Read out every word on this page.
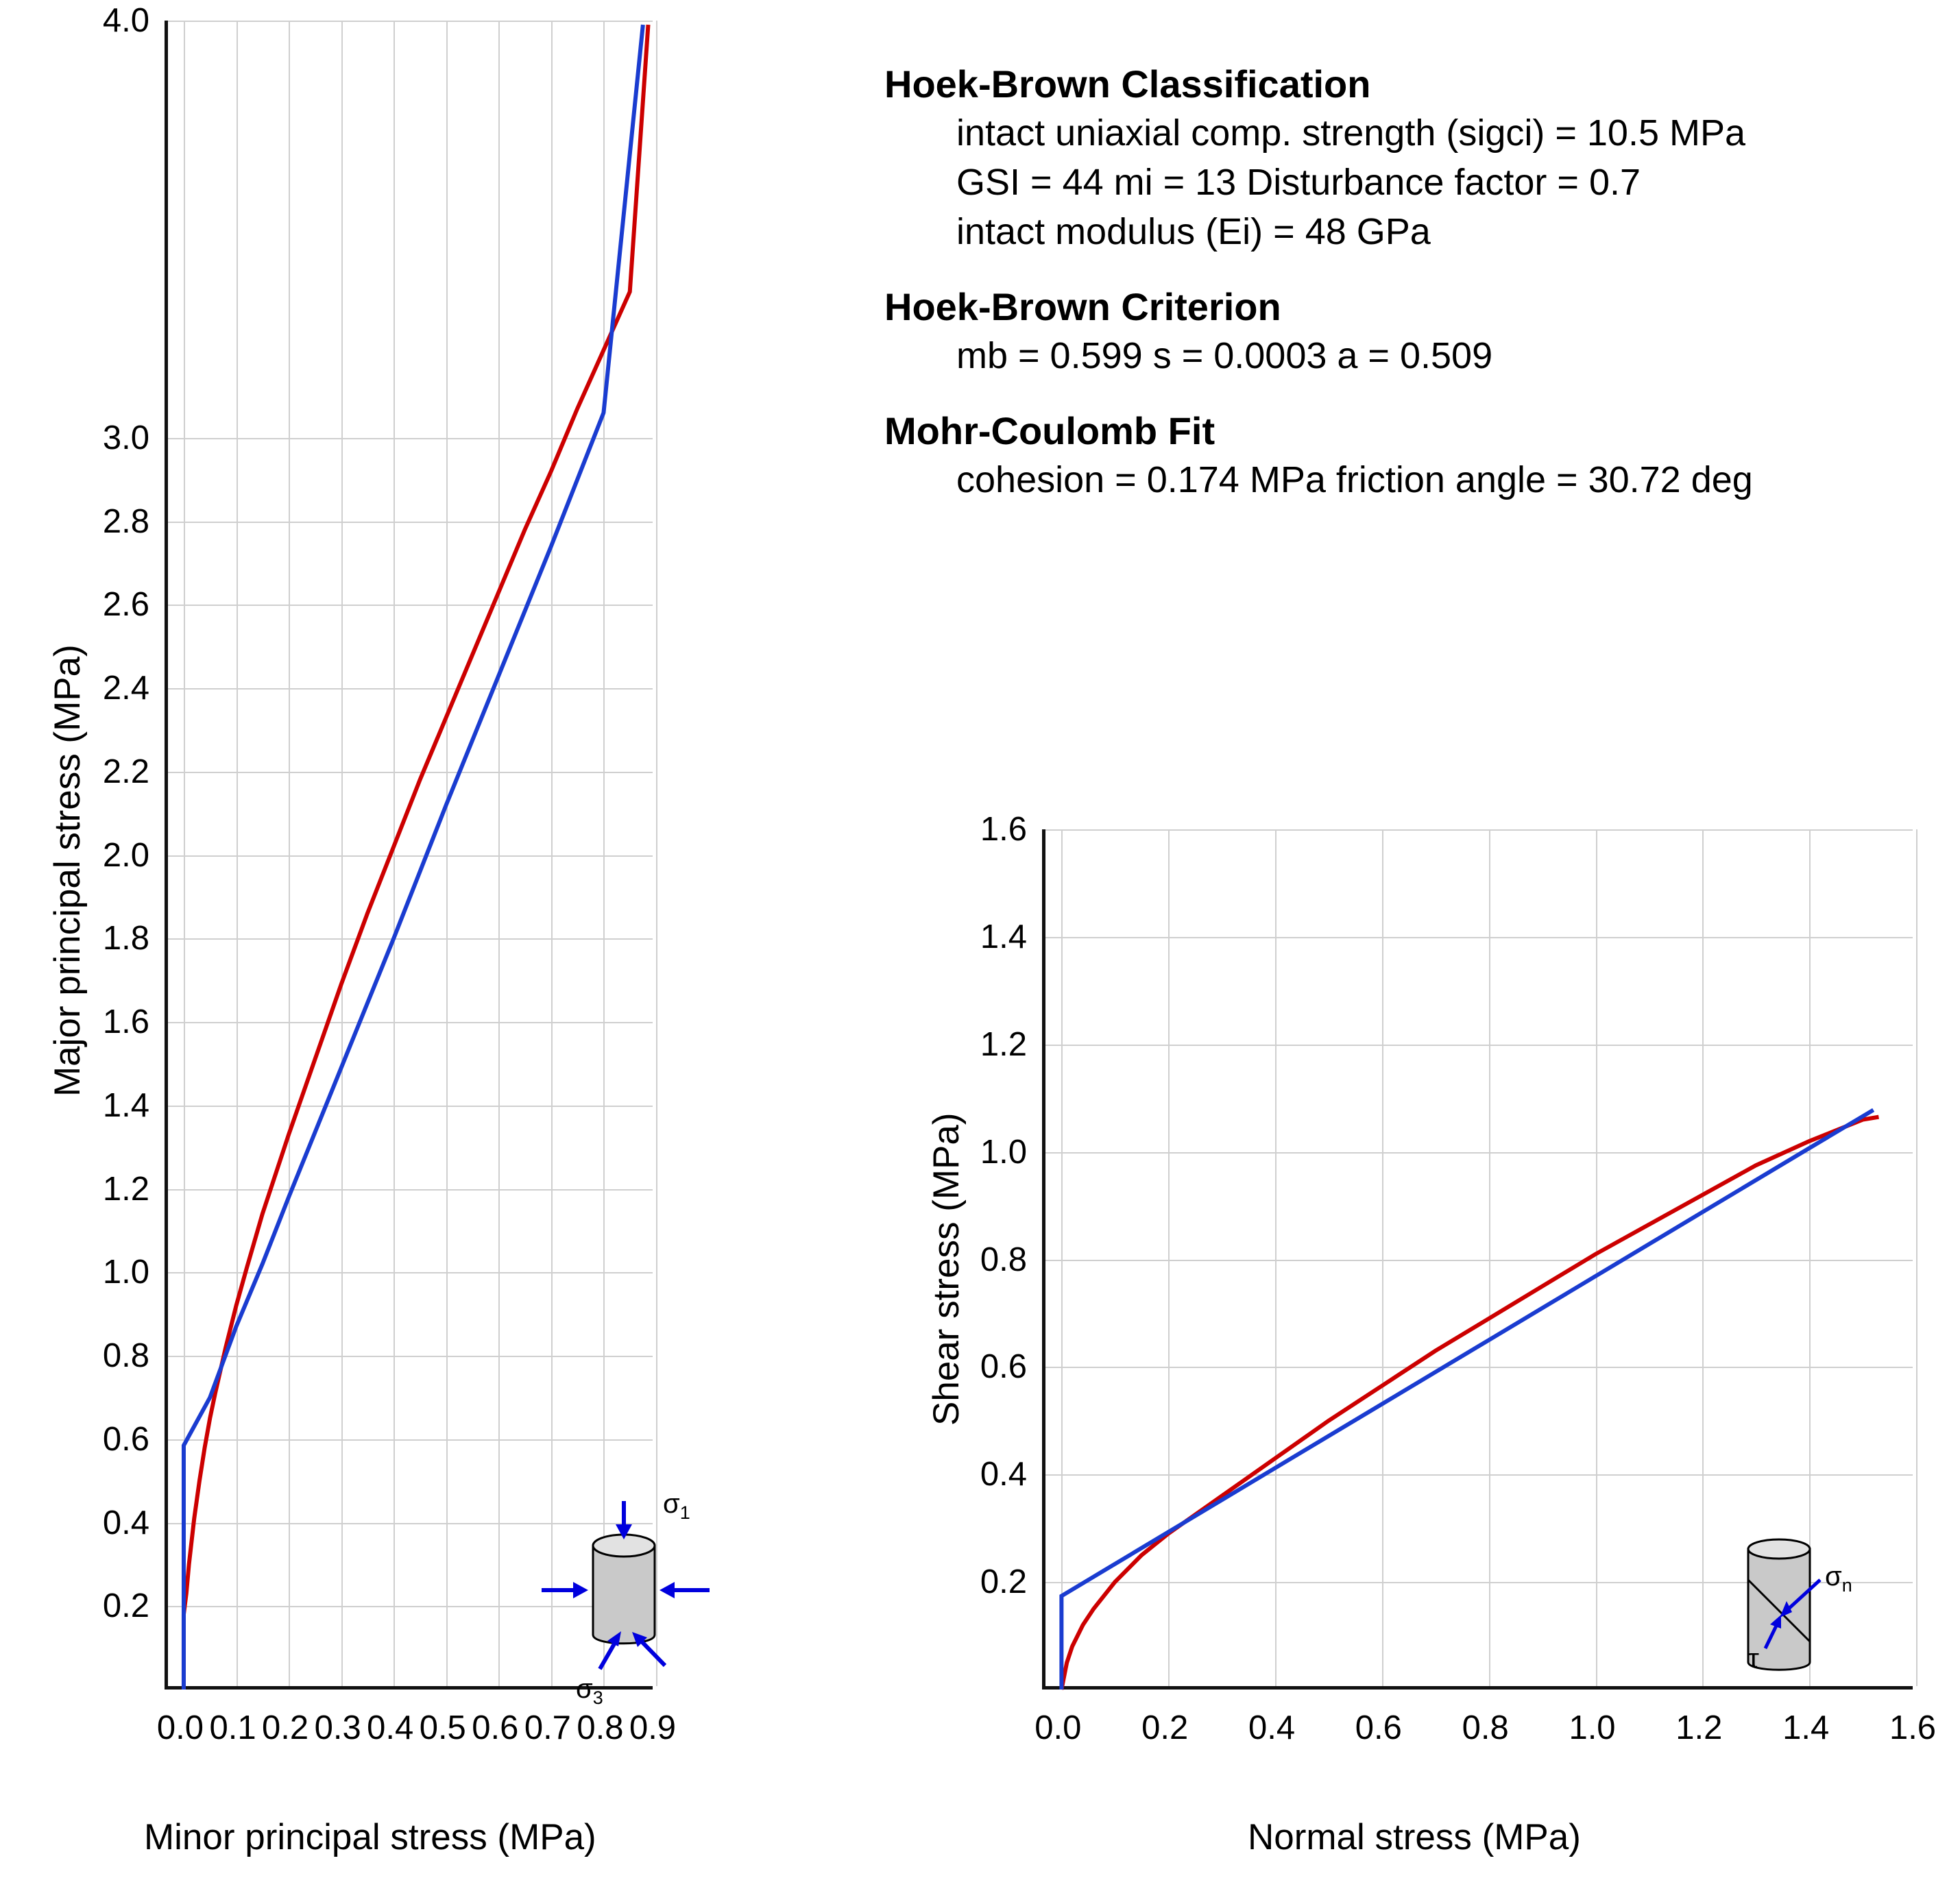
Major principal stress (MPa)
Minor principal stress (MPa)
0.0 0.1 0.2 0.3 0.4 0.5 0.6 0.7 0.8 0.9
0.2
0.4
0.6
0.8
1.0
1.2
1.4
1.6
1.8
2.0
2.2
2.4
2.6
2.8
3.0
4.0
Shear stress (MPa)
Normal stress (MPa)
0.0 0.2 0.4 0.6 0.8 1.0 1.2 1.4 1.6
0.2
0.4
0.6
0.8
1.0
1.2
1.4
1.6
Hoek-Brown Classification
intact uniaxial comp. strength (sigci) = 10.5 MPa
GSI = 44 mi = 13 Disturbance factor = 0.7
intact modulus (Ei) = 48 GPa
Hoek-Brown Criterion
mb = 0.599 s = 0.0003 a = 0.509
Mohr-Coulomb Fit
cohesion = 0.174 MPa friction angle = 30.72 deg
$\sigma_1$
$\sigma_3$
$\sigma_n$
τ
